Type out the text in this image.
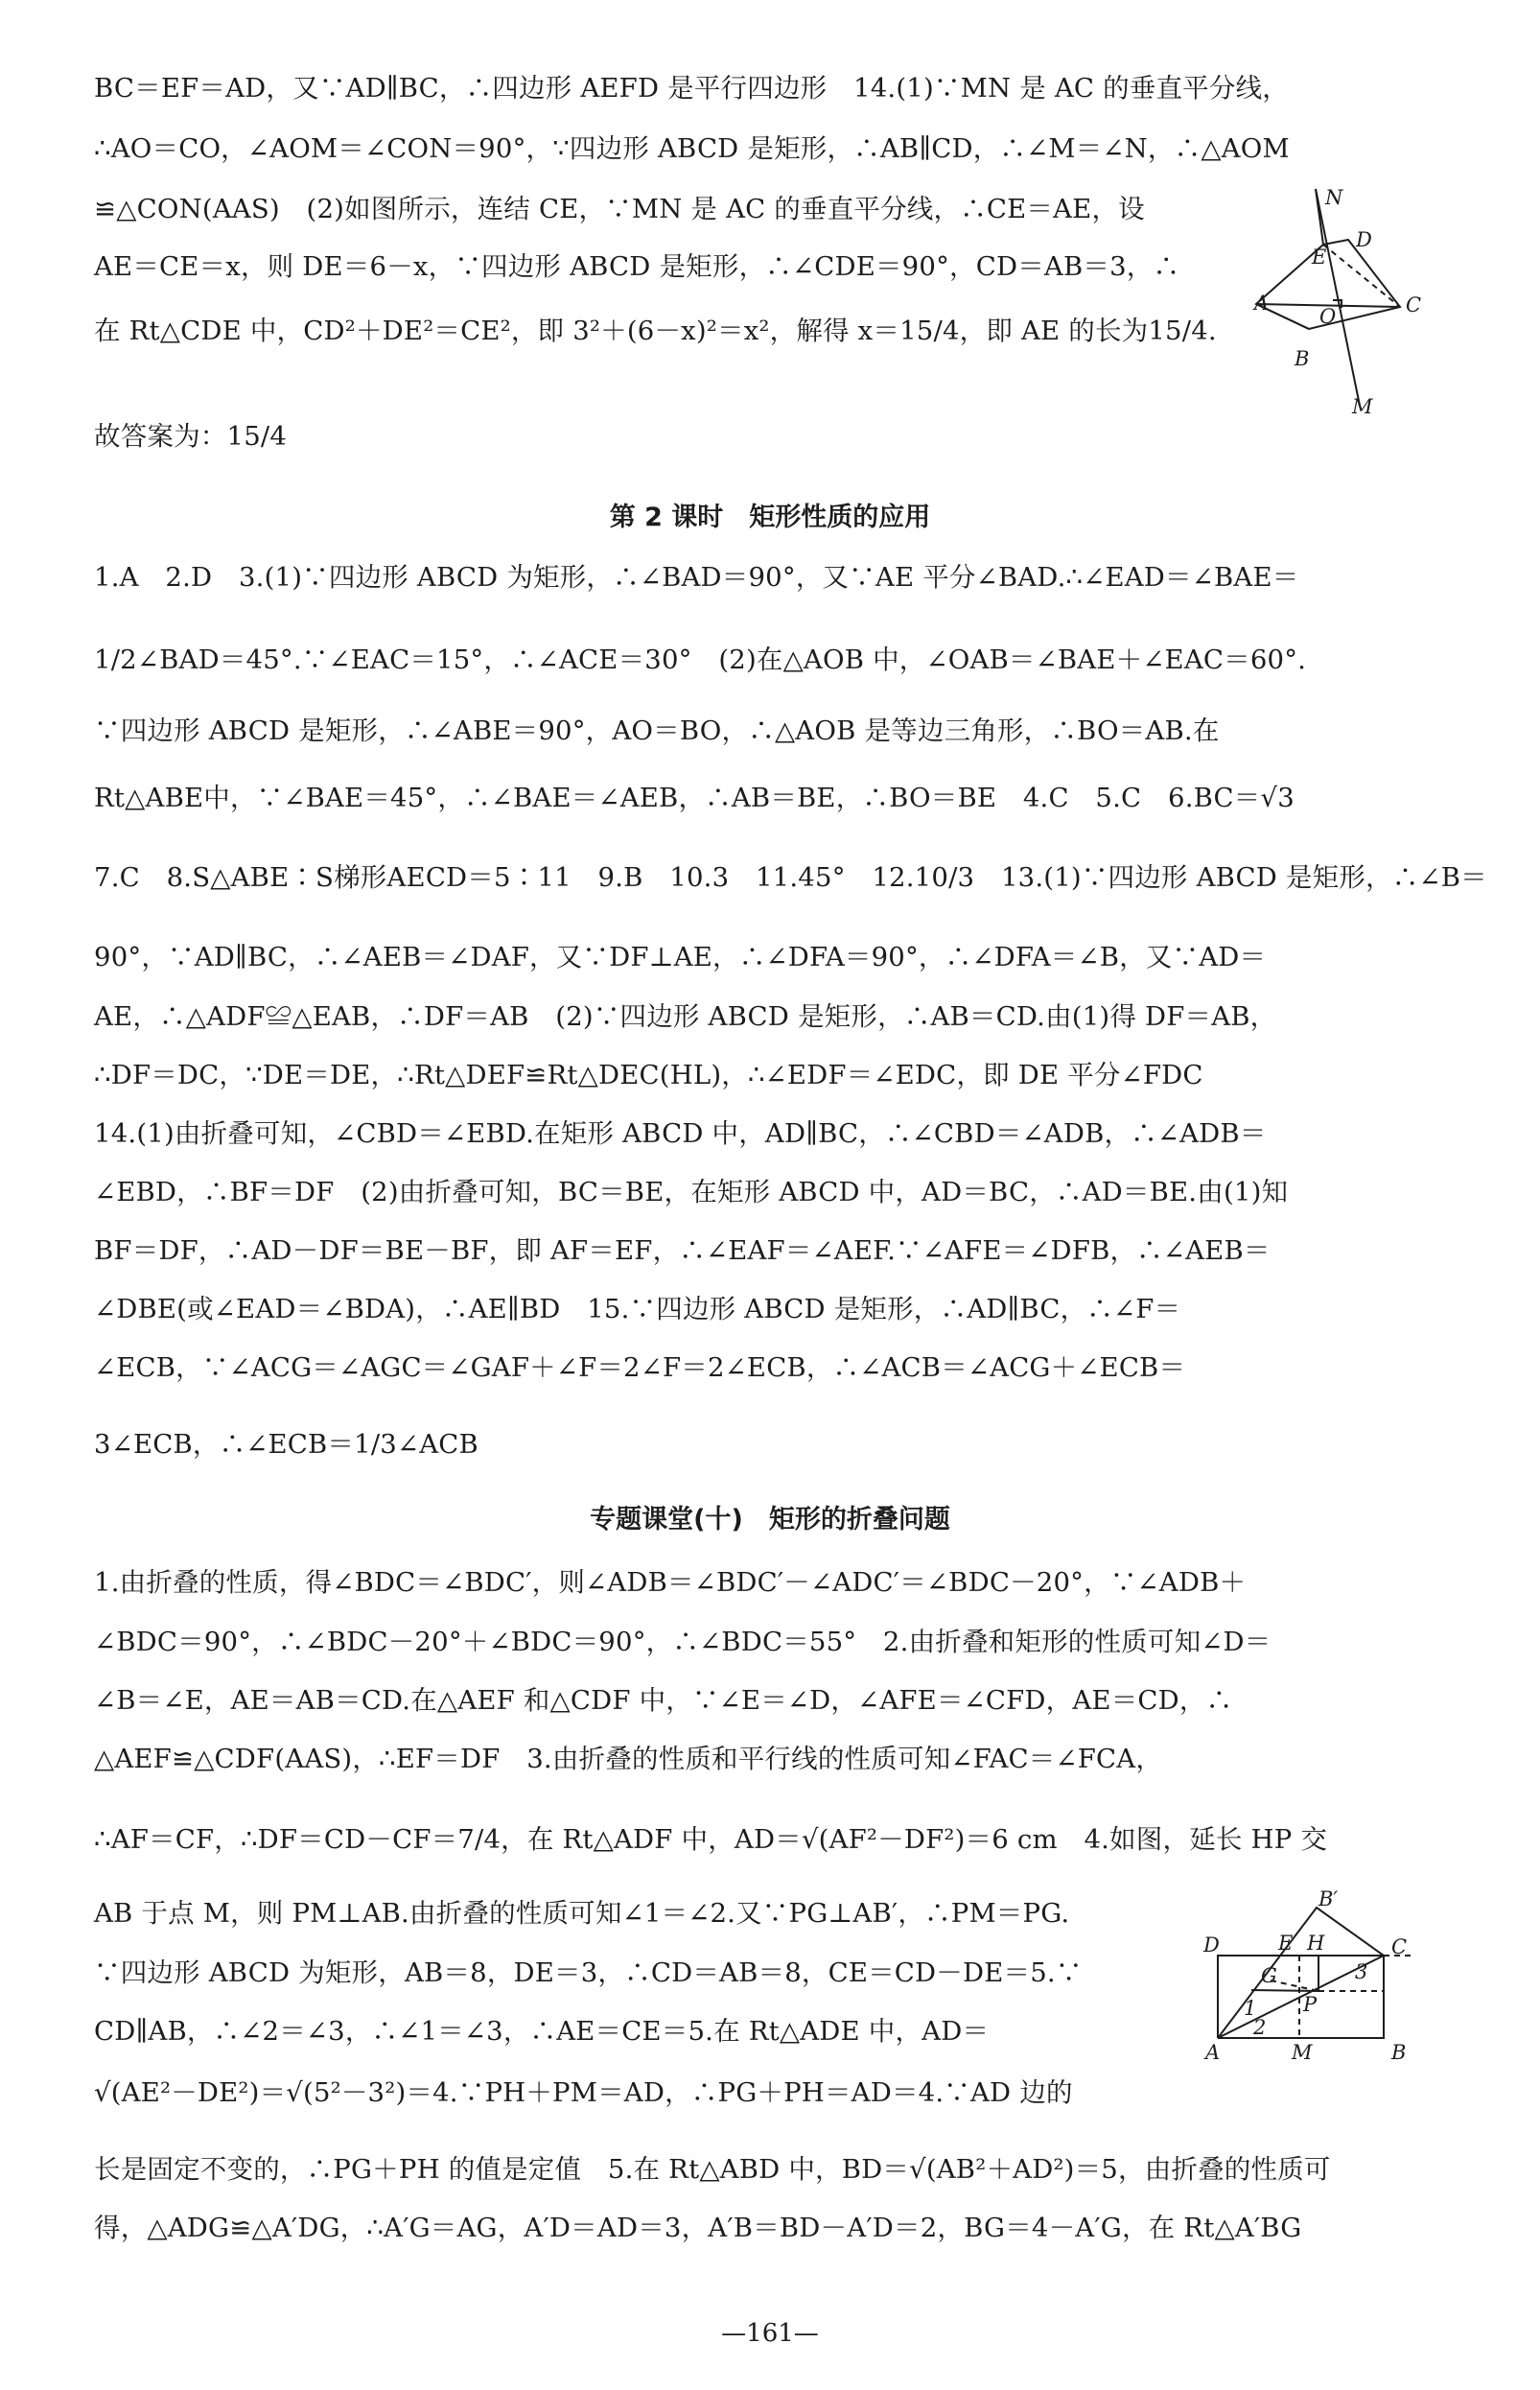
BC＝EF＝AD，又∵AD∥BC，∴四边形 AEFD 是平行四边形　14.(1)∵MN 是 AC 的垂直平分线，
∴AO＝CO，∠AOM＝∠CON＝90°，∵四边形 ABCD 是矩形，∴AB∥CD，∴∠M＝∠N，∴△AOM
≌△CON(AAS)　(2)如图所示，连结 CE，∵MN 是 AC 的垂直平分线，∴CE＝AE，设
AE＝CE＝x，则 DE＝6－x，∵四边形 ABCD 是矩形，∴∠CDE＝90°，CD＝AB＝3，∴
在 Rt△CDE 中，CD²＋DE²＝CE²，即 3²＋(6－x)²＝x²，解得 x＝15/4，即 AE 的长为15/4.
故答案为：15/4
N
E
D
A
O	C
B
M
第 2 课时　矩形性质的应用
1.A　2.D　3.(1)∵四边形 ABCD 为矩形，∴∠BAD＝90°，又∵AE 平分∠BAD.∴∠EAD＝∠BAE＝
1/2∠BAD＝45°.∵∠EAC＝15°，∴∠ACE＝30°　(2)在△AOB 中，∠OAB＝∠BAE＋∠EAC＝60°.
∵四边形 ABCD 是矩形，∴∠ABE＝90°，AO＝BO，∴△AOB 是等边三角形，∴BO＝AB.在
Rt△ABE中，∵∠BAE＝45°，∴∠BAE＝∠AEB，∴AB＝BE，∴BO＝BE　4.C　5.C　6.BC＝√3
7.C　8.S△ABE∶S梯形AECD＝5∶11　9.B　10.3　11.45°　12.10/3　13.(1)∵四边形 ABCD 是矩形，∴∠B＝
90°，∵AD∥BC，∴∠AEB＝∠DAF，又∵DF⊥AE，∴∠DFA＝90°，∴∠DFA＝∠B，又∵AD＝
AE，∴△ADF≌△EAB，∴DF＝AB　(2)∵四边形 ABCD 是矩形，∴AB＝CD.由(1)得 DF＝AB，
∴DF＝DC，∵DE＝DE，∴Rt△DEF≌Rt△DEC(HL)，∴∠EDF＝∠EDC，即 DE 平分∠FDC
14.(1)由折叠可知，∠CBD＝∠EBD.在矩形 ABCD 中，AD∥BC，∴∠CBD＝∠ADB，∴∠ADB＝
∠EBD，∴BF＝DF　(2)由折叠可知，BC＝BE，在矩形 ABCD 中，AD＝BC，∴AD＝BE.由(1)知
BF＝DF，∴AD－DF＝BE－BF，即 AF＝EF，∴∠EAF＝∠AEF.∵∠AFE＝∠DFB，∴∠AEB＝
∠DBE(或∠EAD＝∠BDA)，∴AE∥BD　15.∵四边形 ABCD 是矩形，∴AD∥BC，∴∠F＝
∠ECB，∵∠ACG＝∠AGC＝∠GAF＋∠F＝2∠F＝2∠ECB，∴∠ACB＝∠ACG＋∠ECB＝
3∠ECB，∴∠ECB＝1/3∠ACB
专题课堂(十)　矩形的折叠问题
1.由折叠的性质，得∠BDC＝∠BDC′，则∠ADB＝∠BDC′－∠ADC′＝∠BDC－20°，∵∠ADB＋
∠BDC＝90°，∴∠BDC－20°＋∠BDC＝90°，∴∠BDC＝55°　2.由折叠和矩形的性质可知∠D＝
∠B＝∠E，AE＝AB＝CD.在△AEF 和△CDF 中，∵∠E＝∠D，∠AFE＝∠CFD，AE＝CD，∴
△AEF≌△CDF(AAS)，∴EF＝DF　3.由折叠的性质和平行线的性质可知∠FAC＝∠FCA，
∴AF＝CF，∴DF＝CD－CF＝7/4，在 Rt△ADF 中，AD＝√(AF²－DF²)＝6 cm　4.如图，延长 HP 交
AB 于点 M，则 PM⊥AB.由折叠的性质可知∠1＝∠2.又∵PG⊥AB′，∴PM＝PG.
∵四边形 ABCD 为矩形，AB＝8，DE＝3，∴CD＝AB＝8，CE＝CD－DE＝5.∵
CD∥AB，∴∠2＝∠3，∴∠1＝∠3，∴AE＝CE＝5.在 Rt△ADE 中，AD＝
√(AE²－DE²)＝√(5²－3²)＝4.∵PH＋PM＝AD，∴PG＋PH＝AD＝4.∵AD 边的
长是固定不变的，∴PG＋PH 的值是定值　5.在 Rt△ABD 中，BD＝√(AB²＋AD²)＝5，由折叠的性质可
得，△ADG≌△A′DG，∴A′G＝AG，A′D＝AD＝3，A′B＝BD－A′D＝2，BG＝4－A′G，在 Rt△A′BG
B′
D	E H	C
G	3
1 P
2
A	M	B
—161—
